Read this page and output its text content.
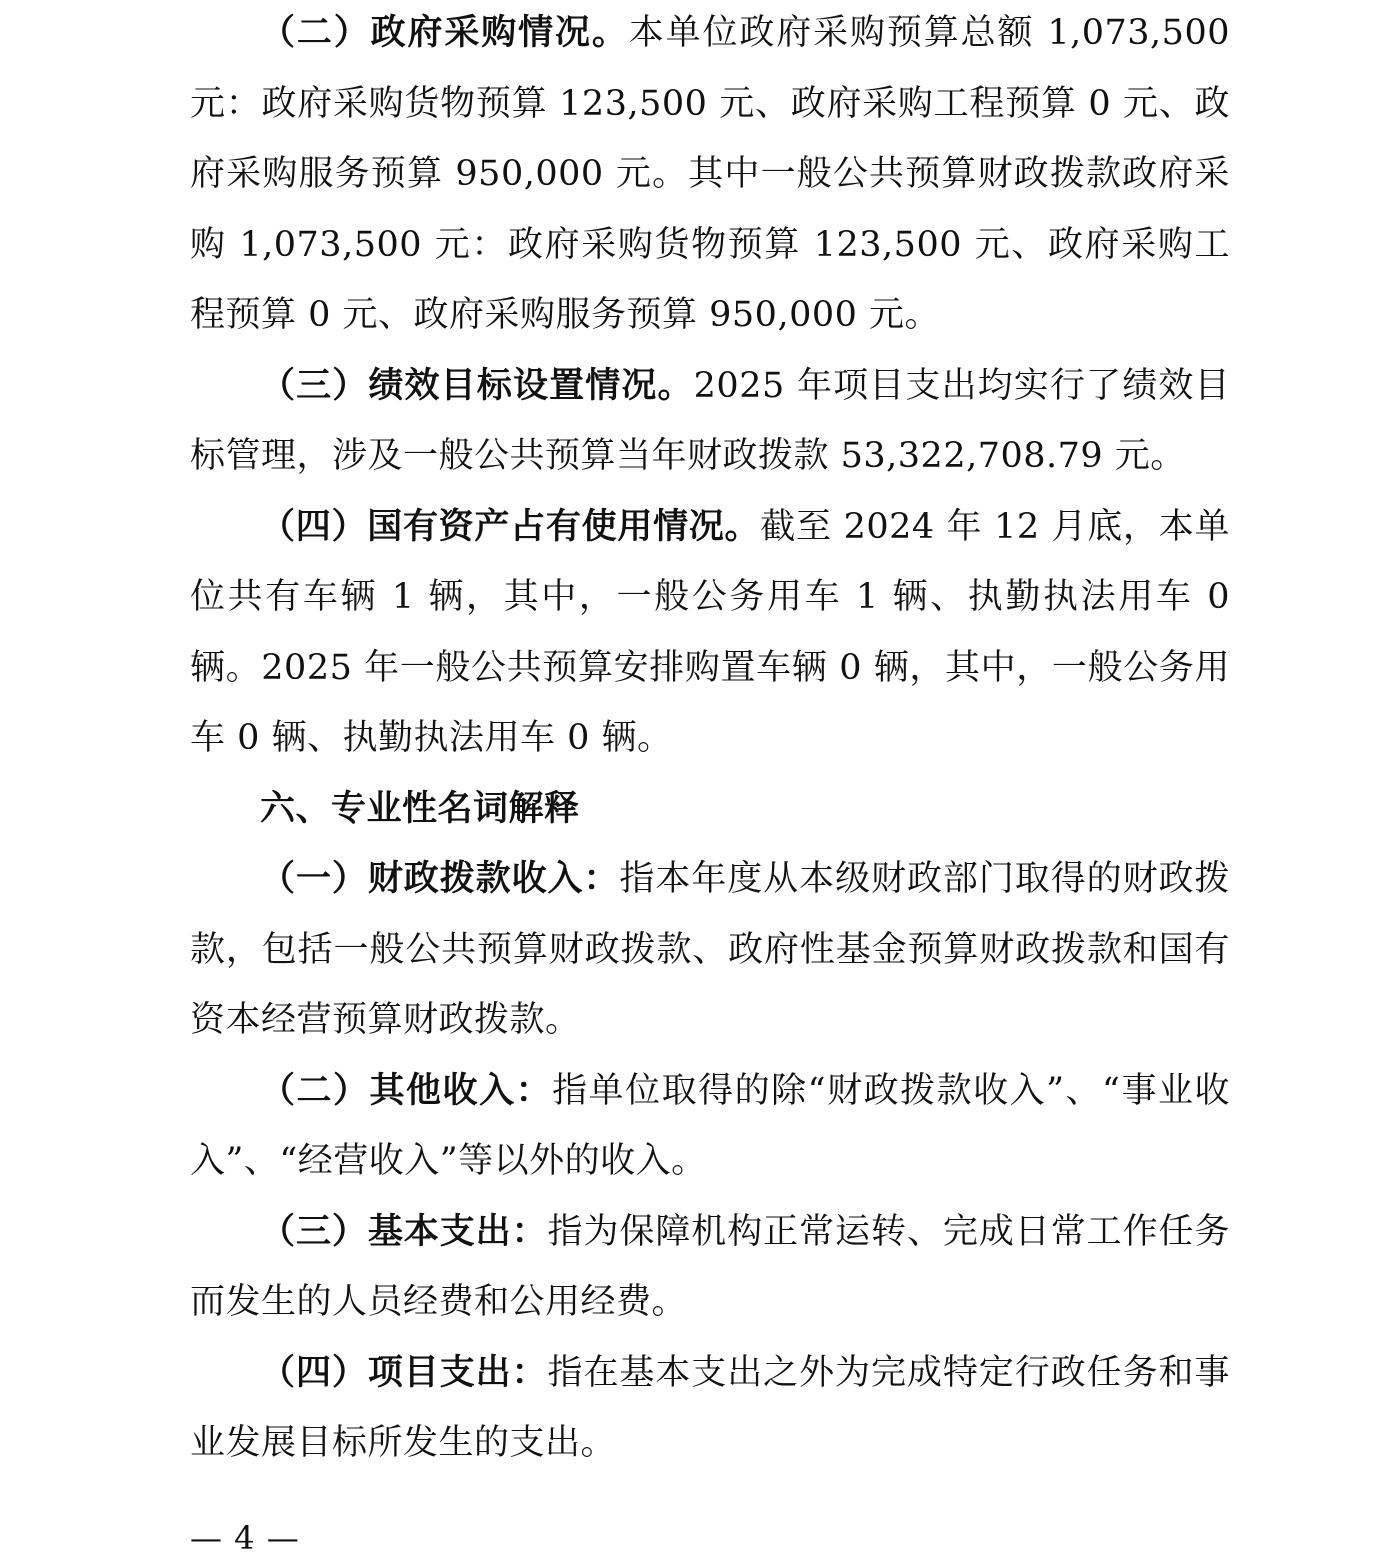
（二）政府采购情况。本单位政府采购预算总额 1,073,500 元：政府采购货物预算 123,500 元、政府采购工程预算 0 元、政府采购服务预算 950,000 元。其中一般公共预算财政拨款政府采购 1,073,500 元：政府采购货物预算 123,500 元、政府采购工程预算 0 元、政府采购服务预算 950,000 元。

（三）绩效目标设置情况。2025 年项目支出均实行了绩效目标管理，涉及一般公共预算当年财政拨款 53,322,708.79 元。

（四）国有资产占有使用情况。截至 2024 年 12 月底，本单位共有车辆 1 辆，其中，一般公务用车 1 辆、执勤执法用车 0 辆。2025 年一般公共预算安排购置车辆 0 辆，其中，一般公务用车 0 辆、执勤执法用车 0 辆。

六、专业性名词解释

（一）财政拨款收入：指本年度从本级财政部门取得的财政拨款，包括一般公共预算财政拨款、政府性基金预算财政拨款和国有资本经营预算财政拨款。

（二）其他收入：指单位取得的除“财政拨款收入”、“事业收入”、“经营收入”等以外的收入。

（三）基本支出：指为保障机构正常运转、完成日常工作任务而发生的人员经费和公用经费。

（四）项目支出：指在基本支出之外为完成特定行政任务和事业发展目标所发生的支出。

— 4 —
